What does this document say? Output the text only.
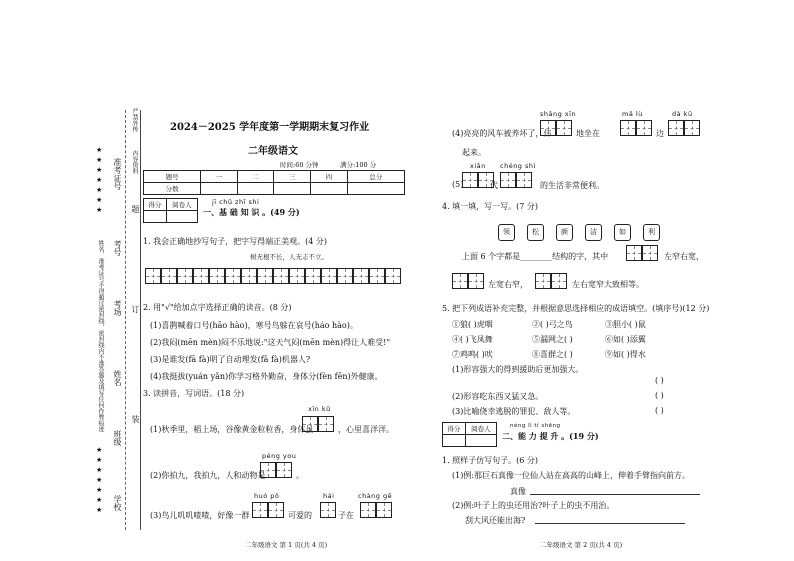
严禁外传
内容资料
准考证号
考号
考场
姓名
班级
学校
题
订
装
姓名、准考证号不得超过密封线，密封线内不准答题及填写任何作弊痕迹
★
★
★
★
★
★
★
★
★
★
★
★
★
★
2024－2025 学年度第一学期期末复习作业
二年级语文
时间:60 分钟	满分:100 分
题号	一	二	三	四	总分
分数					
得分	阅卷人
		jī chǔ zhī shi
一、基 础 知 识 。(49 分)
1. 我会正确地抄写句子，把字写得端正美观。(4 分)
树无根不长，人无志不立。
2. 用"√"给加点字选择正确的读音。(8 分)
(1)喜鹊喊着口号(hāo hào)，寒号鸟躲在哀号(háo hào)。
(2)我闷(mēn mèn)闷不乐地说:"这天气闷(mēn mèn)得让人难受!"
(3)是谁发(fā fà)明了自动理发(fā fà)机器人?
(4)我挺拔(yuán yǎn)你学习格外勤奋，身体分(fèn fēn)外健康。
3. 读拼音，写词语。(18 分)
xīn kǔ
(1)秋季里，稻上场，谷像黄金粒粒香，身体虽	，心里喜洋洋。
péng you
(2)你拍九，我拍九，人和动物是	。
huó pō	hái	chàng gē
(3)鸟儿叽叽喳喳，好像一群	可爱的	子在
二年级语文 第 1 页(共 4 页)
shāng xīn	mǎ lù	dà kū
(4)亮亮的风车被养坏了，伟	地坐在	边
起来。
xiān chéng shì
(5)	代	的生活非常便利。
4. 填一填，写一写。(7 分)
领	松	颜	洁	如	利
上面 6 个字都是________结构的字，其中	左窄右宽，
左宽右窄，	左右宽窄大致相等。
5. 把下列成语补充完整，并根据意思选择相应的成语填空。(填序号)(12 分)
①狼( )虎咽	②( )弓之鸟	③胆小( )鼠
④( )飞凤舞	⑤漏网之( )	⑥如( )添翼
⑦鸡鸣( )吠	⑧喜群之( )	⑨如( )得水
(1)形容强大的得到援助后更加强大。
( )
(2)形容吃东西又猛又急。	( )
(3)比喻侥幸逃脱的罪犯、敌人等。	( )
得分	阅卷人
		néng lì tí shēng
二、能 力 提 升 。(19 分)
1. 照样子仿写句子。(6 分)
(1)例:那巨石真像一位仙人站在高高的山峰上，伸着手臂指向前方。
真像
(2)例:叶子上的虫还用治?叶子上的虫不用治。
刮大风还能出海?
二年级语文 第 2 页(共 4 页)
